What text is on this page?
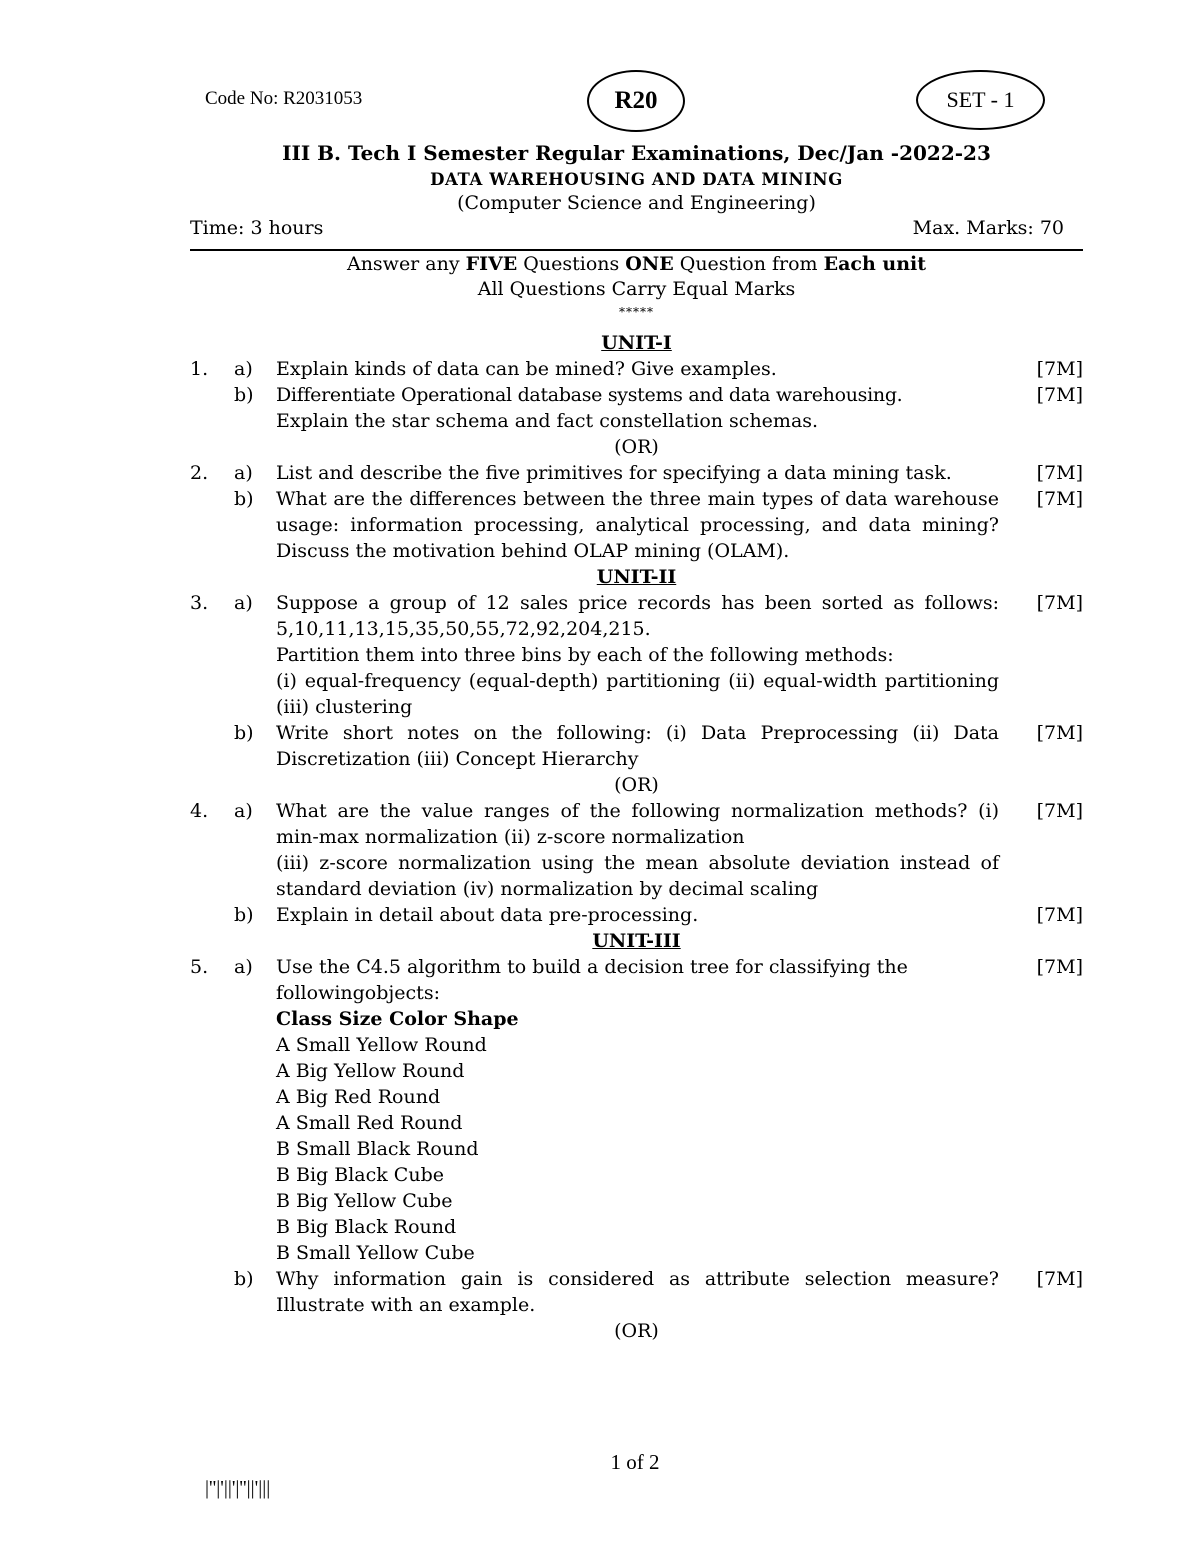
Code No: R2031053	R20	SET - 1
III B. Tech I Semester Regular Examinations, Dec/Jan -2022-23
DATA WAREHOUSING AND DATA MINING
(Computer Science and Engineering)
Time: 3 hours	Max. Marks: 70
Answer any FIVE Questions ONE Question from Each unit
All Questions Carry Equal Marks
*****
UNIT-I
1.	a)	Explain kinds of data can be mined? Give examples.	[7M]
b)	Differentiate Operational database systems and data warehousing.
Explain the star schema and fact constellation schemas.
[7M]
(OR)
2.	a)	List and describe the five primitives for specifying a data mining task.	[7M]
b)	What are the differences between the three main types of data warehouse usage: information processing, analytical processing, and data mining? Discuss the motivation behind OLAP mining (OLAM).
[7M]
UNIT-II
3.	a)	Suppose a group of 12 sales price records has been sorted as follows: 5,10,11,13,15,35,50,55,72,92,204,215.
Partition them into three bins by each of the following methods:
(i) equal-frequency (equal-depth) partitioning (ii) equal-width partitioning (iii) clustering
[7M]
b)	Write short notes on the following: (i) Data Preprocessing (ii) Data Discretization (iii) Concept Hierarchy
[7M]
(OR)
4.	a)	What are the value ranges of the following normalization methods? (i) min-max normalization (ii) z-score normalization
(iii) z-score normalization using the mean absolute deviation instead of standard deviation (iv) normalization by decimal scaling
[7M]
b)	Explain in detail about data pre-processing.	[7M]
UNIT-III
5.	a)	Use the C4.5 algorithm to build a decision tree for classifying the
followingobjects:
Class Size Color Shape
A Small Yellow Round
A Big Yellow Round
A Big Red Round
A Small Red Round
B Small Black Round
B Big Black Cube
B Big Yellow Cube
B Big Black Round
B Small Yellow Cube
[7M]
b)	Why information gain is considered as attribute selection measure? Illustrate with an example.
[7M]
(OR)
1 of 2
|''|'||'|''||'|||
